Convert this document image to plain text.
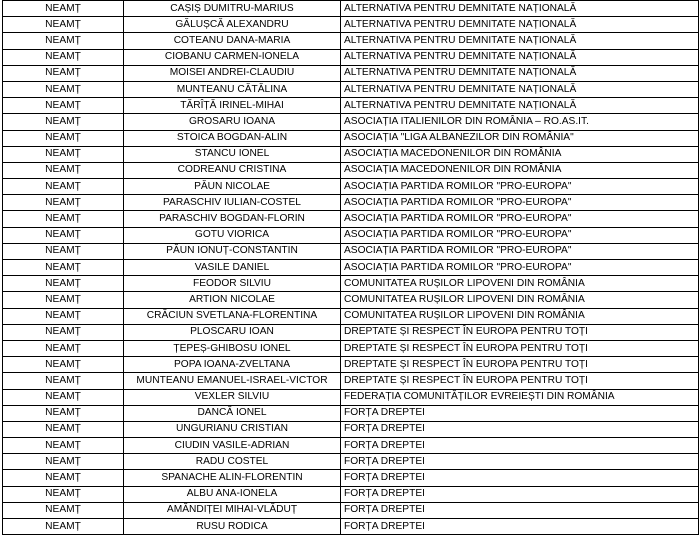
NEAMȚ	CAȘIȘ DUMITRU-MARIUS	ALTERNATIVA PENTRU DEMNITATE NAȚIONALĂ
NEAMȚ	GĂLUȘCĂ ALEXANDRU	ALTERNATIVA PENTRU DEMNITATE NAȚIONALĂ
NEAMȚ	COTEANU DANA-MARIA	ALTERNATIVA PENTRU DEMNITATE NAȚIONALĂ
NEAMȚ	CIOBANU CARMEN-IONELA	ALTERNATIVA PENTRU DEMNITATE NAȚIONALĂ
NEAMȚ	MOISEI ANDREI-CLAUDIU	ALTERNATIVA PENTRU DEMNITATE NAȚIONALĂ
NEAMȚ	MUNTEANU CĂTĂLINA	ALTERNATIVA PENTRU DEMNITATE NAȚIONALĂ
NEAMȚ	TĂRÎȚĂ IRINEL-MIHAI	ALTERNATIVA PENTRU DEMNITATE NAȚIONALĂ
NEAMȚ	GROSARU IOANA	ASOCIAȚIA ITALIENILOR DIN ROMÂNIA – RO.AS.IT.
NEAMȚ	STOICA BOGDAN-ALIN	ASOCIAȚIA "LIGA ALBANEZILOR DIN ROMÂNIA"
NEAMȚ	STANCU IONEL	ASOCIAȚIA MACEDONENILOR DIN ROMÂNIA
NEAMȚ	CODREANU CRISTINA	ASOCIAȚIA MACEDONENILOR DIN ROMÂNIA
NEAMȚ	PĂUN NICOLAE	ASOCIAȚIA PARTIDA ROMILOR "PRO-EUROPA"
NEAMȚ	PARASCHIV IULIAN-COSTEL	ASOCIAȚIA PARTIDA ROMILOR "PRO-EUROPA"
NEAMȚ	PARASCHIV BOGDAN-FLORIN	ASOCIAȚIA PARTIDA ROMILOR "PRO-EUROPA"
NEAMȚ	GOTU VIORICA	ASOCIAȚIA PARTIDA ROMILOR "PRO-EUROPA"
NEAMȚ	PĂUN IONUȚ-CONSTANTIN	ASOCIAȚIA PARTIDA ROMILOR "PRO-EUROPA"
NEAMȚ	VASILE DANIEL	ASOCIAȚIA PARTIDA ROMILOR "PRO-EUROPA"
NEAMȚ	FEODOR SILVIU	COMUNITATEA RUȘILOR LIPOVENI DIN ROMÂNIA
NEAMȚ	ARTION NICOLAE	COMUNITATEA RUȘILOR LIPOVENI DIN ROMÂNIA
NEAMȚ	CRĂCIUN SVETLANA-FLORENTINA	COMUNITATEA RUȘILOR LIPOVENI DIN ROMÂNIA
NEAMȚ	PLOSCARU IOAN	DREPTATE ȘI RESPECT ÎN EUROPA PENTRU TOȚI
NEAMȚ	ȚEPEȘ-GHIBOSU IONEL	DREPTATE ȘI RESPECT ÎN EUROPA PENTRU TOȚI
NEAMȚ	POPA IOANA-ZVELTANA	DREPTATE ȘI RESPECT ÎN EUROPA PENTRU TOȚI
NEAMȚ	MUNTEANU EMANUEL-ISRAEL-VICTOR	DREPTATE ȘI RESPECT ÎN EUROPA PENTRU TOȚI
NEAMȚ	VEXLER SILVIU	FEDERAȚIA COMUNITĂȚILOR EVREIEȘTI DIN ROMÂNIA
NEAMȚ	DANCĂ IONEL	FORȚA DREPTEI
NEAMȚ	UNGURIANU CRISTIAN	FORȚA DREPTEI
NEAMȚ	CIUDIN VASILE-ADRIAN	FORȚA DREPTEI
NEAMȚ	RADU COSTEL	FORȚA DREPTEI
NEAMȚ	SPANACHE ALIN-FLORENTIN	FORȚA DREPTEI
NEAMȚ	ALBU ANA-IONELA	FORȚA DREPTEI
NEAMȚ	AMĂNDIȚEI MIHAI-VLĂDUȚ	FORȚA DREPTEI
NEAMȚ	RUSU RODICA	FORȚA DREPTEI
